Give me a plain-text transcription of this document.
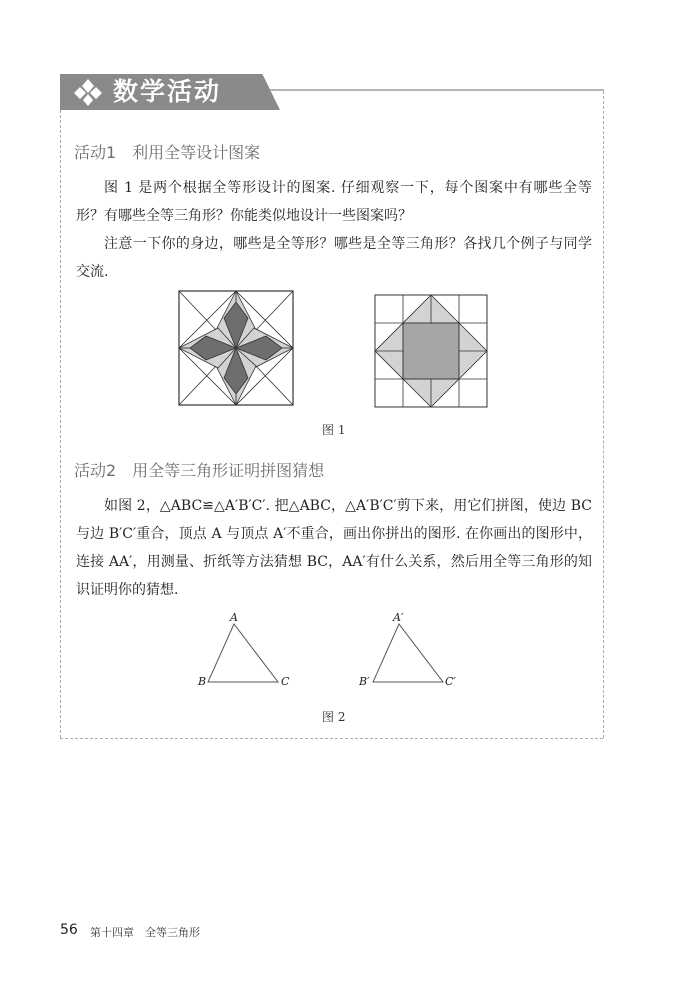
数学活动
活动1　利用全等设计图案
图 1 是两个根据全等形设计的图案. 仔细观察一下，每个图案中有哪些全等形？有哪些全等三角形？你能类似地设计一些图案吗？
注意一下你的身边，哪些是全等形？哪些是全等三角形？各找几个例子与同学交流.
图 1
活动2　用全等三角形证明拼图猜想
如图 2，△ABC≌△A′B′C′. 把△ABC，△A′B′C′剪下来，用它们拼图，使边 BC 与边 B′C′重合，顶点 A 与顶点 A′不重合，画出你拼出的图形. 在你画出的图形中，连接 AA′，用测量、折纸等方法猜想 BC，AA′有什么关系，然后用全等三角形的知识证明你的猜想.
A
B	C
A′
B′	C′
图 2
56 第十四章　全等三角形
